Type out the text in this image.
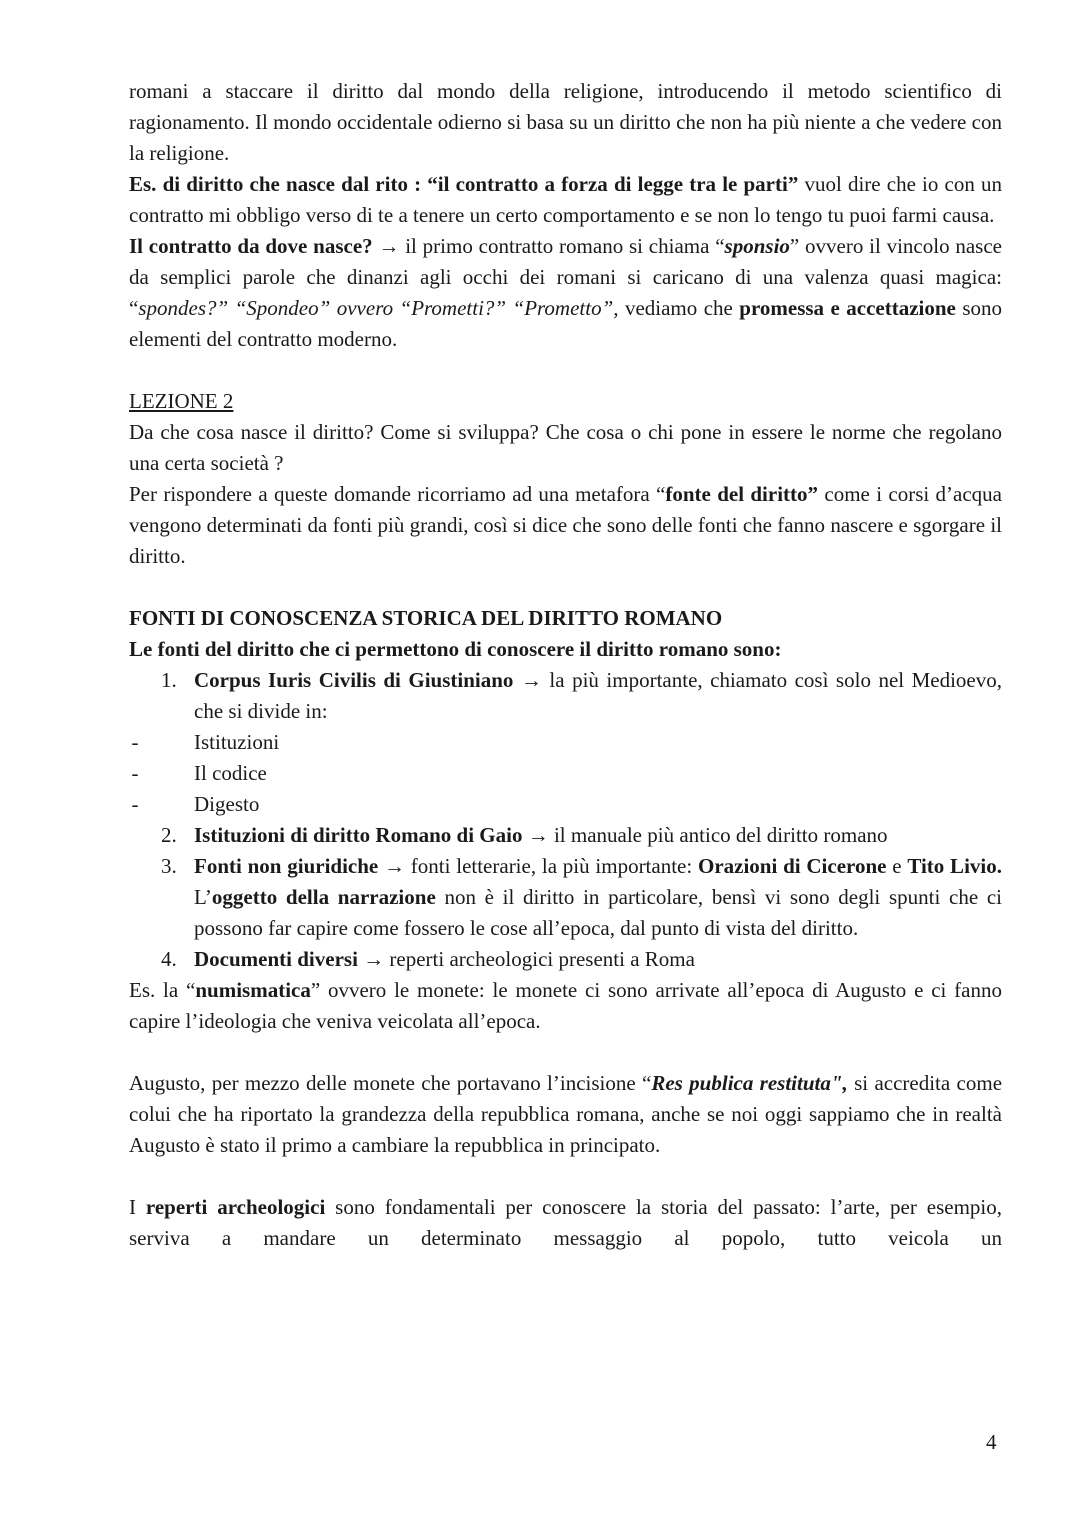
romani a staccare il diritto dal mondo della religione, introducendo il metodo scientifico di ragionamento. Il mondo occidentale odierno si basa su un diritto che non ha più niente a che vedere con la religione.

Es. di diritto che nasce dal rito : “il contratto a forza di legge tra le parti” vuol dire che io con un contratto mi obbligo verso di te a tenere un certo comportamento e se non lo tengo tu puoi farmi causa.

Il contratto da dove nasce? → il primo contratto romano si chiama “sponsio” ovvero il vincolo nasce da semplici parole che dinanzi agli occhi dei romani si caricano di una valenza quasi magica: “spondes?” “Spondeo” ovvero “Prometti?” “Prometto”, vediamo che promessa e accettazione sono elementi del contratto moderno.

LEZIONE 2

Da che cosa nasce il diritto? Come si sviluppa? Che cosa o chi pone in essere le norme che regolano una certa società ?

Per rispondere a queste domande ricorriamo ad una metafora “fonte del diritto” come i corsi d’acqua vengono determinati da fonti più grandi, così si dice che sono delle fonti che fanno nascere e sgorgare il diritto.

FONTI DI CONOSCENZA STORICA DEL DIRITTO ROMANO

Le fonti del diritto che ci permettono di conoscere il diritto romano sono:

1. Corpus Iuris Civilis di Giustiniano → la più importante, chiamato così solo nel Medioevo, che si divide in:
-	Istituzioni
-	Il codice
-	Digesto
2. Istituzioni di diritto Romano di Gaio → il manuale più antico del diritto romano
3. Fonti non giuridiche → fonti letterarie, la più importante: Orazioni di Cicerone e Tito Livio. L’oggetto della narrazione non è il diritto in particolare, bensì vi sono degli spunti che ci possono far capire come fossero le cose all’epoca, dal punto di vista del diritto.
4. Documenti diversi → reperti archeologici presenti a Roma

Es. la “numismatica” ovvero le monete: le monete ci sono arrivate all’epoca di Augusto e ci fanno capire l’ideologia che veniva veicolata all’epoca.

Augusto, per mezzo delle monete che portavano l’incisione “Res publica restituta", si accredita come colui che ha riportato la grandezza della repubblica romana, anche se noi oggi sappiamo che in realtà Augusto è stato il primo a cambiare la repubblica in principato.

I reperti archeologici sono fondamentali per conoscere la storia del passato: l’arte, per esempio, serviva a mandare un determinato messaggio al popolo, tutto veicola un

4
